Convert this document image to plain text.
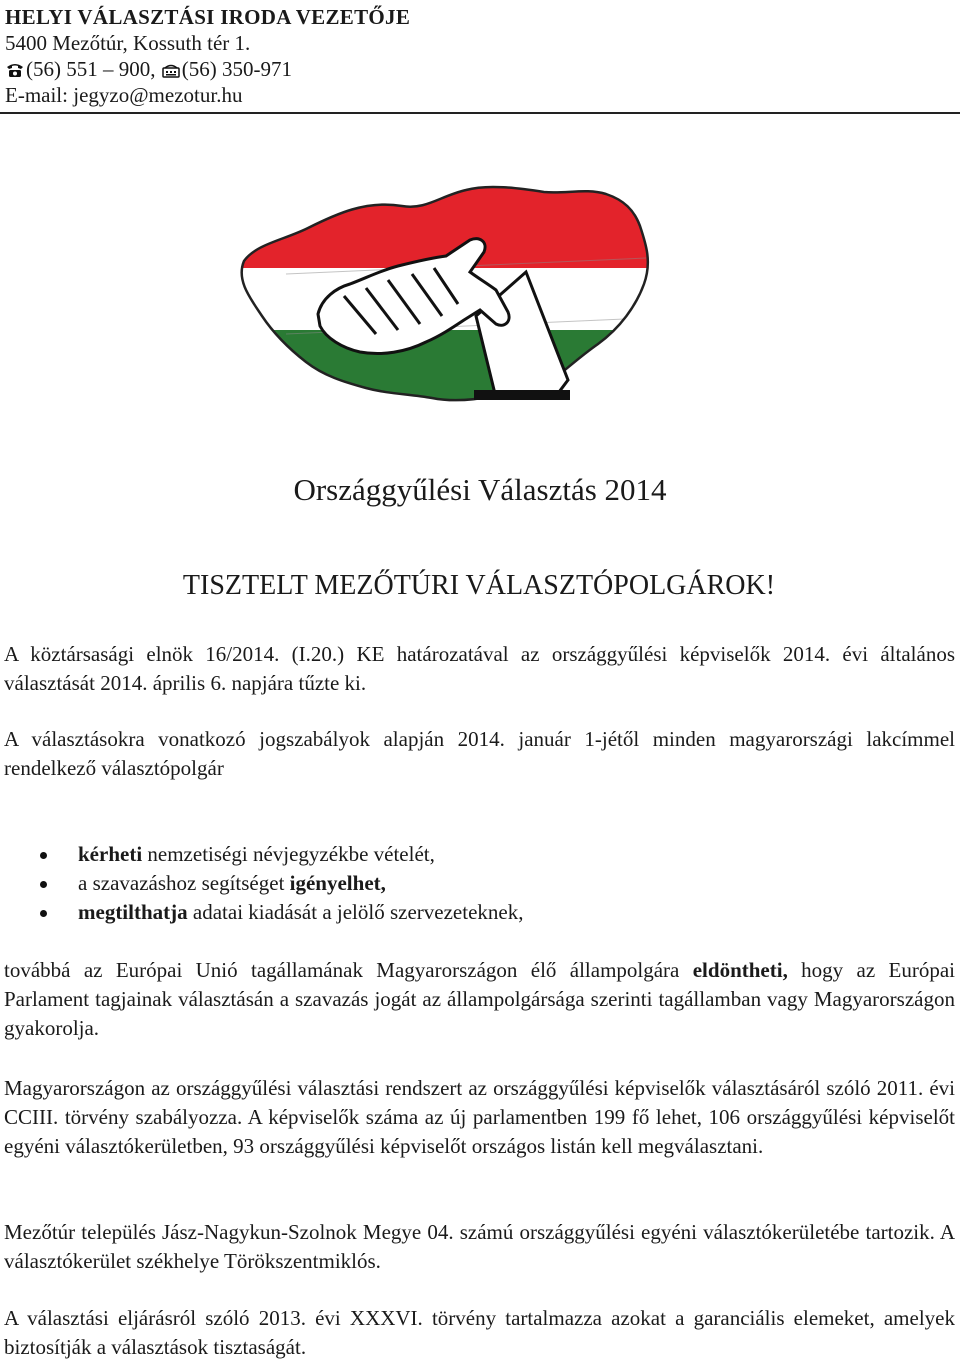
HELYI VÁLASZTÁSI IRODA VEZETŐJE
5400 Mezőtúr, Kossuth tér 1.
(56) 551 – 900, (56) 350-971
E-mail: jegyzo@mezotur.hu
Országgyűlési Választás 2014
TISZTELT MEZŐTÚRI VÁLASZTÓPOLGÁROK!
A köztársasági elnök 16/2014. (I.20.) KE határozatával az országgyűlési képviselők 2014. évi általános választását 2014. április 6. napjára tűzte ki.
A választásokra vonatkozó jogszabályok alapján 2014. január 1-jétől minden magyarországi lakcímmel rendelkező választópolgár
kérheti nemzetiségi névjegyzékbe vételét,
a szavazáshoz segítséget igényelhet,
megtilthatja adatai kiadását a jelölő szervezeteknek,
továbbá az Európai Unió tagállamának Magyarországon élő állampolgára eldöntheti, hogy az Európai Parlament tagjainak választásán a szavazás jogát az állampolgársága szerinti tagállamban vagy Magyarországon gyakorolja.
Magyarországon az országgyűlési választási rendszert az országgyűlési képviselők választásáról szóló 2011. évi CCIII. törvény szabályozza. A képviselők száma az új parlamentben 199 fő lehet, 106 országgyűlési képviselőt egyéni választókerületben, 93 országgyűlési képviselőt országos listán kell megválasztani.
Mezőtúr település Jász-Nagykun-Szolnok Megye 04. számú országgyűlési egyéni választókerületébe tartozik. A választókerület székhelye Törökszentmiklós.
A választási eljárásról szóló 2013. évi XXXVI. törvény tartalmazza azokat a garanciális elemeket, amelyek biztosítják a választások tisztaságát.
